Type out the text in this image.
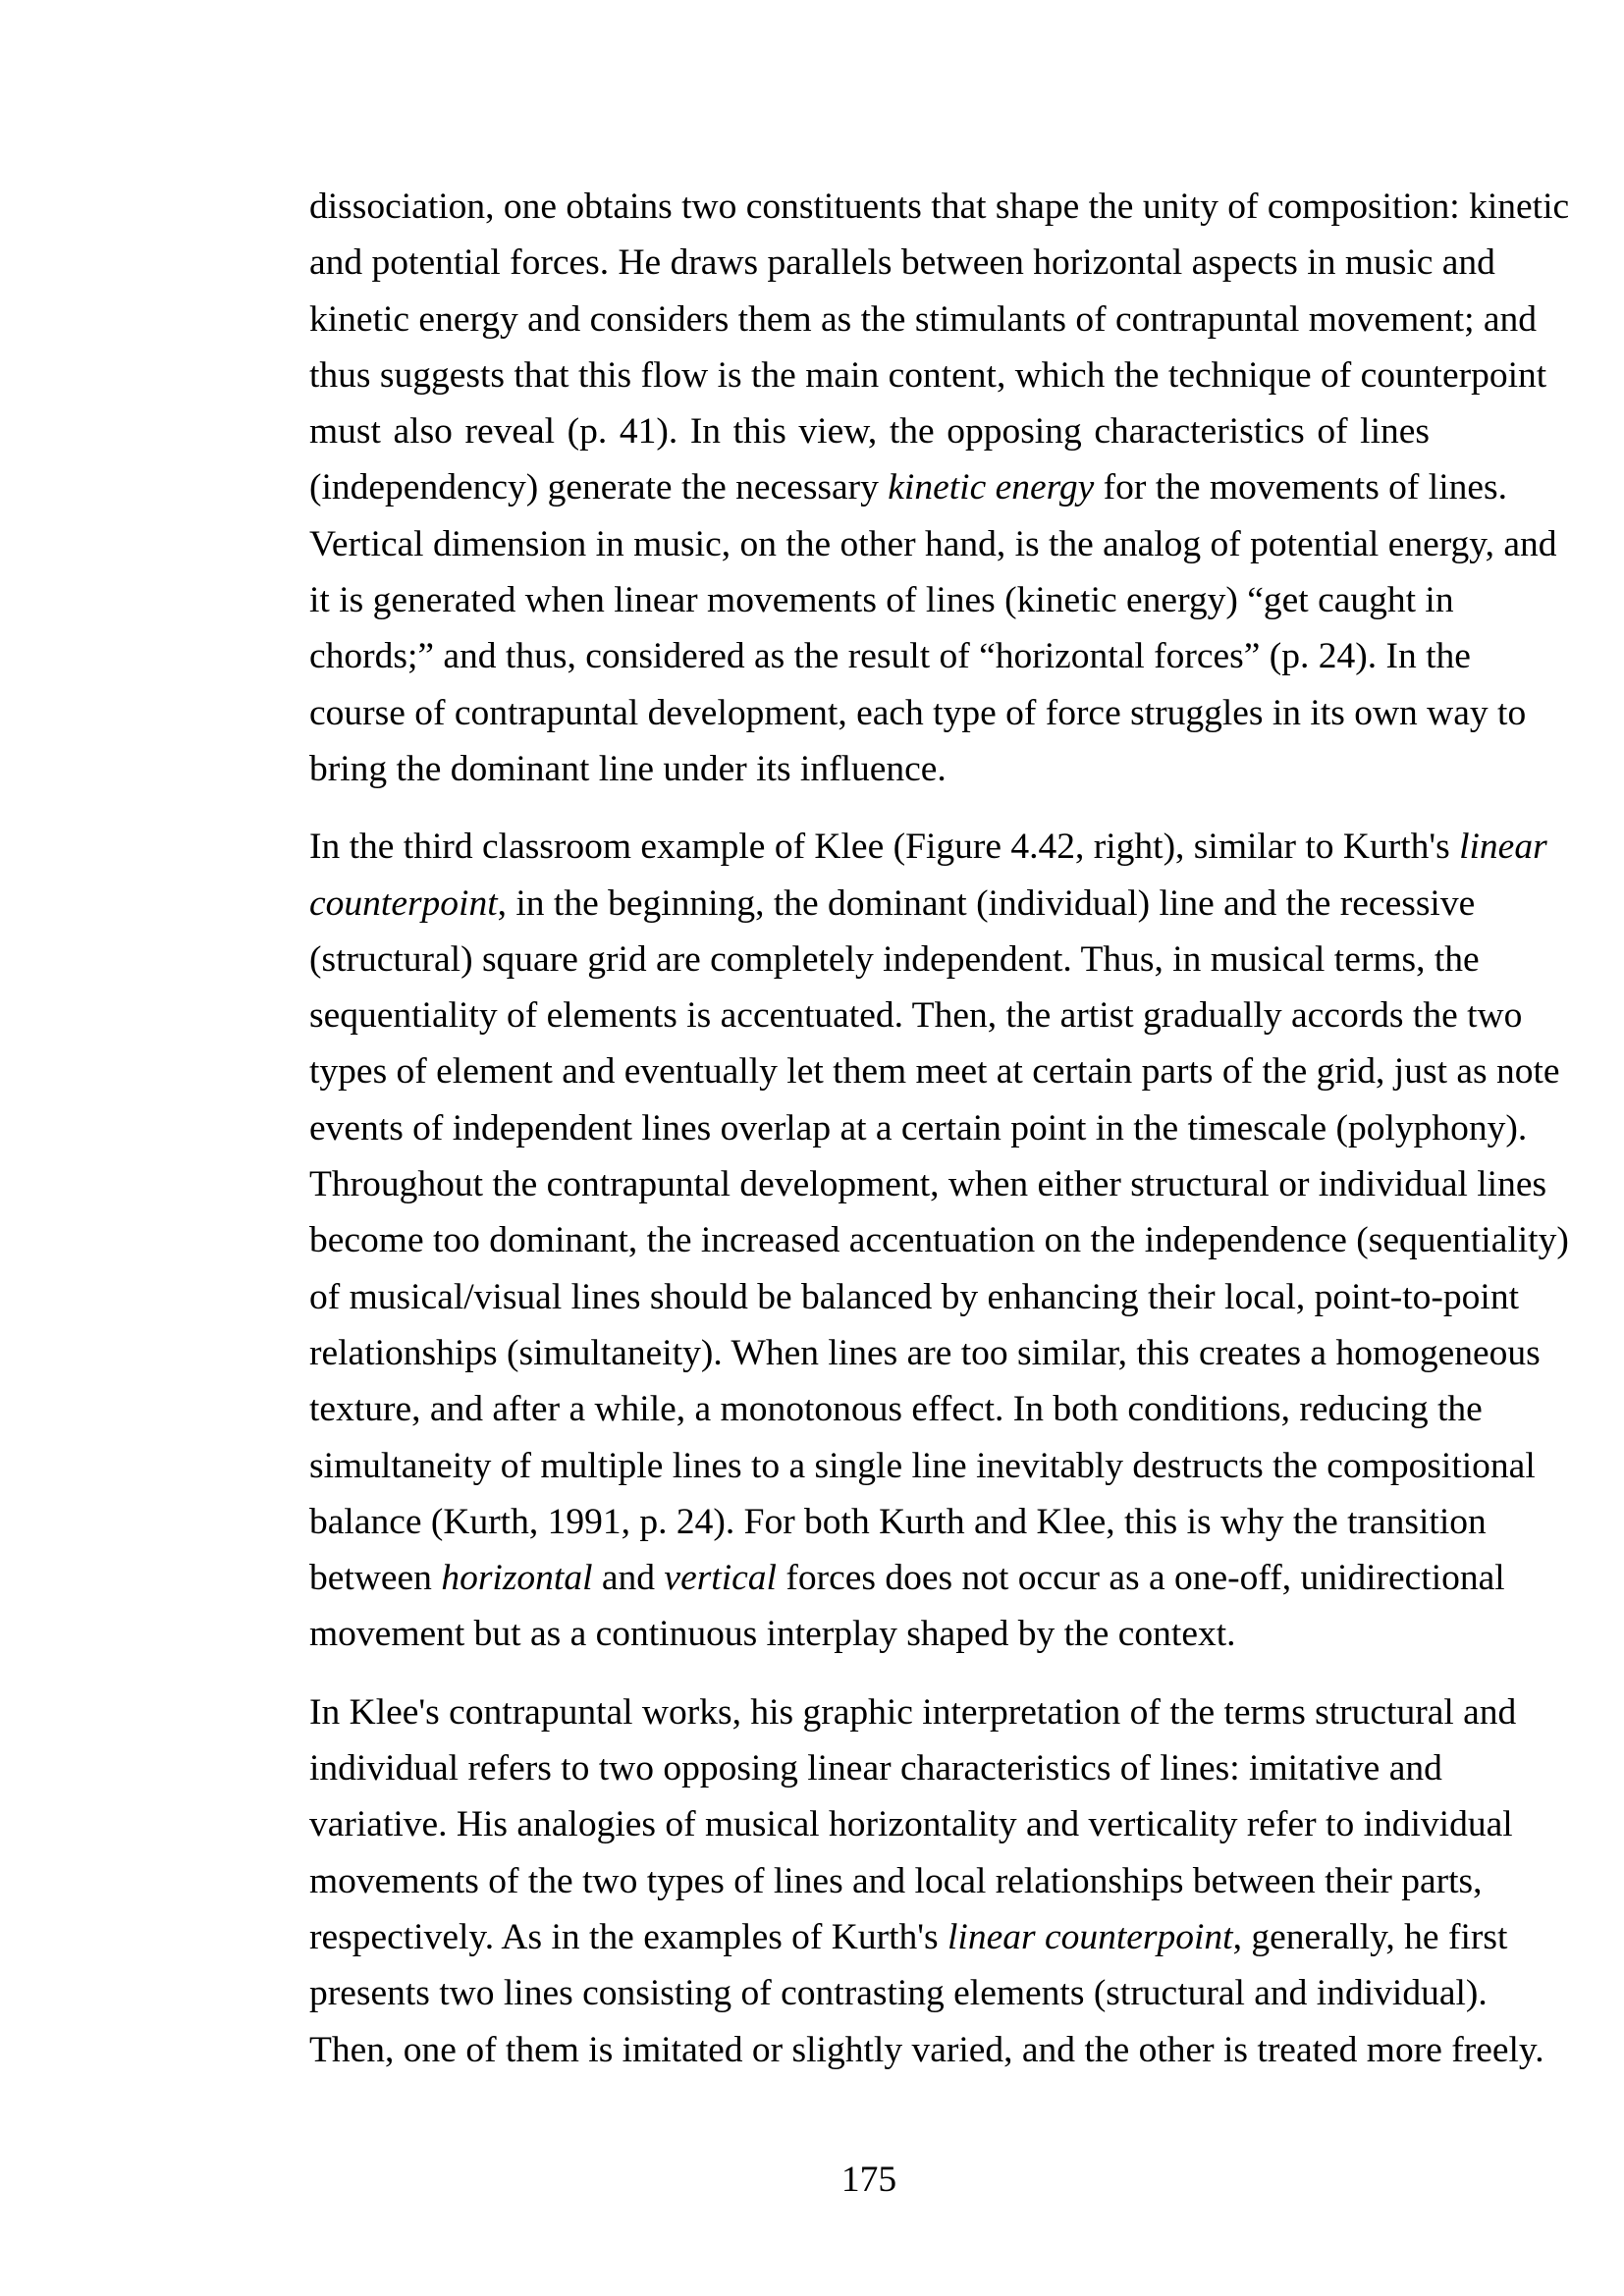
dissociation, one obtains two constituents that shape the unity of composition: kinetic
and potential forces. He draws parallels between horizontal aspects in music and
kinetic energy and considers them as the stimulants of contrapuntal movement; and
thus suggests that this flow is the main content, which the technique of counterpoint
must also reveal (p. 41). In this view, the opposing characteristics of lines
(independency) generate the necessary kinetic energy for the movements of lines.
Vertical dimension in music, on the other hand, is the analog of potential energy, and
it is generated when linear movements of lines (kinetic energy) “get caught in
chords;” and thus, considered as the result of “horizontal forces” (p. 24). In the
course of contrapuntal development, each type of force struggles in its own way to
bring the dominant line under its influence.
In the third classroom example of Klee (Figure 4.42, right), similar to Kurth's linear
counterpoint, in the beginning, the dominant (individual) line and the recessive
(structural) square grid are completely independent. Thus, in musical terms, the
sequentiality of elements is accentuated. Then, the artist gradually accords the two
types of element and eventually let them meet at certain parts of the grid, just as note
events of independent lines overlap at a certain point in the timescale (polyphony).
Throughout the contrapuntal development, when either structural or individual lines
become too dominant, the increased accentuation on the independence (sequentiality)
of musical/visual lines should be balanced by enhancing their local, point-to-point
relationships (simultaneity). When lines are too similar, this creates a homogeneous
texture, and after a while, a monotonous effect. In both conditions, reducing the
simultaneity of multiple lines to a single line inevitably destructs the compositional
balance (Kurth, 1991, p. 24). For both Kurth and Klee, this is why the transition
between horizontal and vertical forces does not occur as a one-off, unidirectional
movement but as a continuous interplay shaped by the context.
In Klee's contrapuntal works, his graphic interpretation of the terms structural and
individual refers to two opposing linear characteristics of lines: imitative and
variative. His analogies of musical horizontality and verticality refer to individual
movements of the two types of lines and local relationships between their parts,
respectively. As in the examples of Kurth's linear counterpoint, generally, he first
presents two lines consisting of contrasting elements (structural and individual).
Then, one of them is imitated or slightly varied, and the other is treated more freely.
175
